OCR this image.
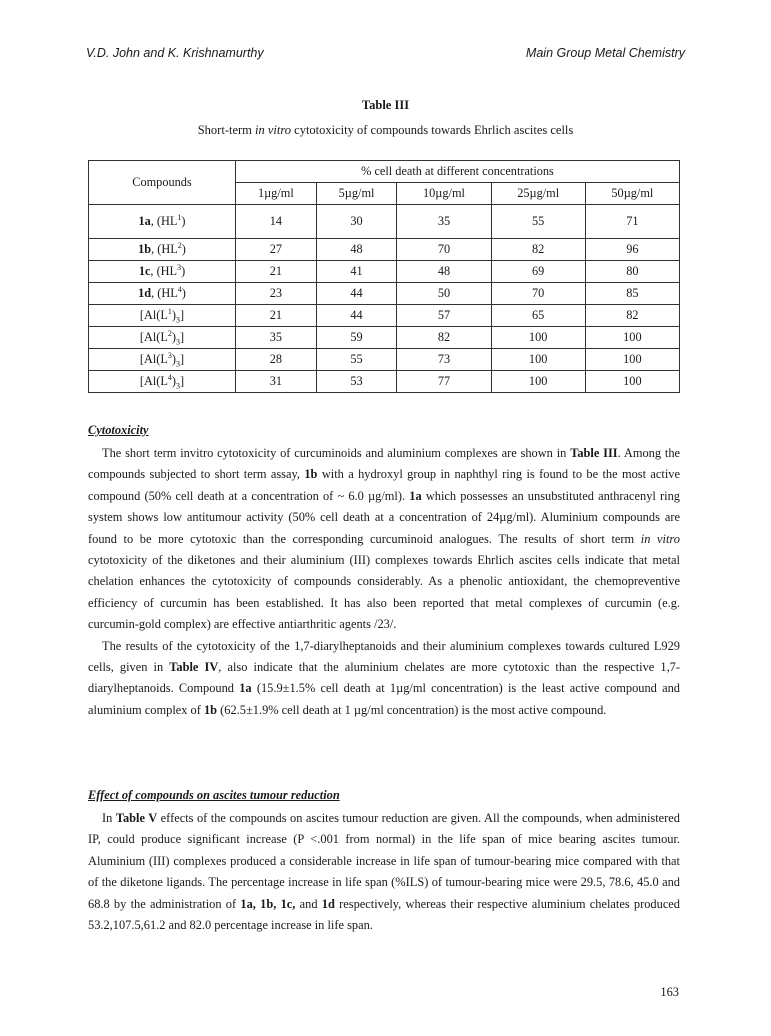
V.D. John and K. Krishnamurthy	Main Group Metal Chemistry
Table III
Short-term in vitro cytotoxicity of compounds towards Ehrlich ascites cells
Compounds	% cell death at different concentrations				
	1µg/ml	5µg/ml	10µg/ml	25µg/ml	50µg/ml
1a, $(HL^1)$	14	30	35	55	71
1b, $(HL^2)$	27	48	70	82	96
1c, $(HL^3)$	21	41	48	69	80
1d, $(HL^4)$	23	44	50	70	85
$[Al(L^1)_3]$	21	44	57	65	82
$[Al(L^2)_3]$	35	59	82	100	100
$[Al(L^3)_3]$	28	55	73	100	100
$[Al(L^4)_3]$	31	53	77	100	100
Cytotoxicity

The short term invitro cytotoxicity of curcuminoids and aluminium complexes are shown in Table III. Among the compounds subjected to short term assay, 1b with a hydroxyl group in naphthyl ring is found to be the most active compound (50% cell death at a concentration of ~ 6.0 µg/ml). 1a which possesses an unsubstituted anthracenyl ring system shows low antitumour activity (50% cell death at a concentration of 24µg/ml). Aluminium compounds are found to be more cytotoxic than the corresponding curcuminoid analogues. The results of short term in vitro cytotoxicity of the diketones and their aluminium (III) complexes towards Ehrlich ascites cells indicate that metal chelation enhances the cytotoxicity of compounds considerably. As a phenolic antioxidant, the chemopreventive efficiency of curcumin has been established. It has also been reported that metal complexes of curcumin (e.g. curcumin-gold complex) are effective antiarthritic agents /23/.

The results of the cytotoxicity of the 1,7-diarylheptanoids and their aluminium complexes towards cultured L929 cells, given in Table IV, also indicate that the aluminium chelates are more cytotoxic than the respective 1,7-diarylheptanoids. Compound 1a (15.9±1.5% cell death at 1µg/ml concentration) is the least active compound and aluminium complex of 1b (62.5±1.9% cell death at 1 µg/ml concentration) is the most active compound.

Effect of compounds on ascites tumour reduction

In Table V effects of the compounds on ascites tumour reduction are given. All the compounds, when administered IP, could produce significant increase (P <.001 from normal) in the life span of mice bearing ascites tumour. Aluminium (III) complexes produced a considerable increase in life span of tumour-bearing mice compared with that of the diketone ligands. The percentage increase in life span (%ILS) of tumour-bearing mice were 29.5, 78.6, 45.0 and 68.8 by the administration of 1a, 1b, 1c, and 1d respectively, whereas their respective aluminium chelates produced 53.2,107.5,61.2 and 82.0 percentage increase in life span.

163
